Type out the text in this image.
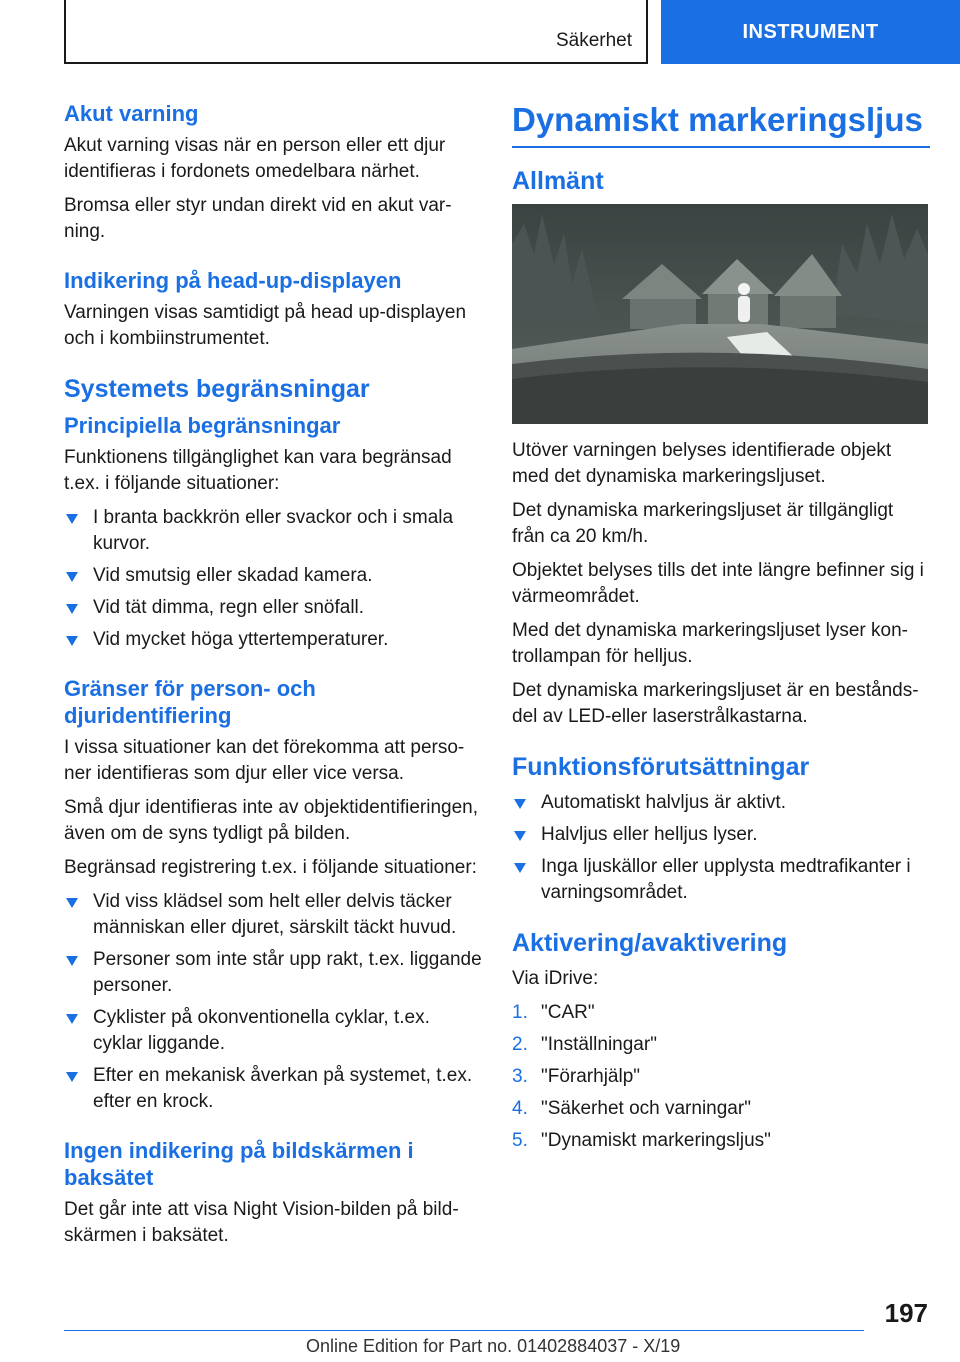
Säkerhet	INSTRUMENT
Akut varning

Akut varning visas när en person eller ett djur identifieras i fordonets omedelbara närhet.

Bromsa eller styr undan direkt vid en akut var-ning.

Indikering på head-up-displayen

Varningen visas samtidigt på head up-displayen och i kombiinstrumentet.

Systemets begränsningar
Principiella begränsningar

Funktionens tillgänglighet kan vara begränsad t.ex. i följande situationer:

I branta backkrön eller svackor och i smala kurvor.
Vid smutsig eller skadad kamera.
Vid tät dimma, regn eller snöfall.
Vid mycket höga yttertemperaturer.
Gränser för person- och djuridentifiering

I vissa situationer kan det förekomma att perso-ner identifieras som djur eller vice versa.

Små djur identifieras inte av objektidentifieringen, även om de syns tydligt på bilden.

Begränsad registrering t.ex. i följande situationer:

Vid viss klädsel som helt eller delvis täcker människan eller djuret, särskilt täckt huvud.
Personer som inte står upp rakt, t.ex. liggande personer.
Cyklister på okonventionella cyklar, t.ex. cyklar liggande.
Efter en mekanisk åverkan på systemet, t.ex. efter en krock.
Ingen indikering på bildskärmen i baksätet

Det går inte att visa Night Vision-bilden på bild-skärmen i baksätet.

Dynamiskt markeringsljus
Allmänt

Utöver varningen belyses identifierade objekt med det dynamiska markeringsljuset.

Det dynamiska markeringsljuset är tillgängligt från ca 20 km/h.

Objektet belyses tills det inte längre befinner sig i värmeområdet.

Med det dynamiska markeringsljuset lyser kon-trollampan för helljus.

Det dynamiska markeringsljuset är en bestånds-del av LED-eller laserstrålkastarna.

Funktionsförutsättningar
Automatiskt halvljus är aktivt.
Halvljus eller helljus lyser.
Inga ljuskällor eller upplysta medtrafikanter i varningsområdet.
Aktivering/avaktivering

Via iDrive:

1. "CAR"
2. "Inställningar"
3. "Förarhjälp"
4. "Säkerhet och varningar"
5. "Dynamiskt markeringsljus"
197
Online Edition for Part no. 01402884037 - X/19
